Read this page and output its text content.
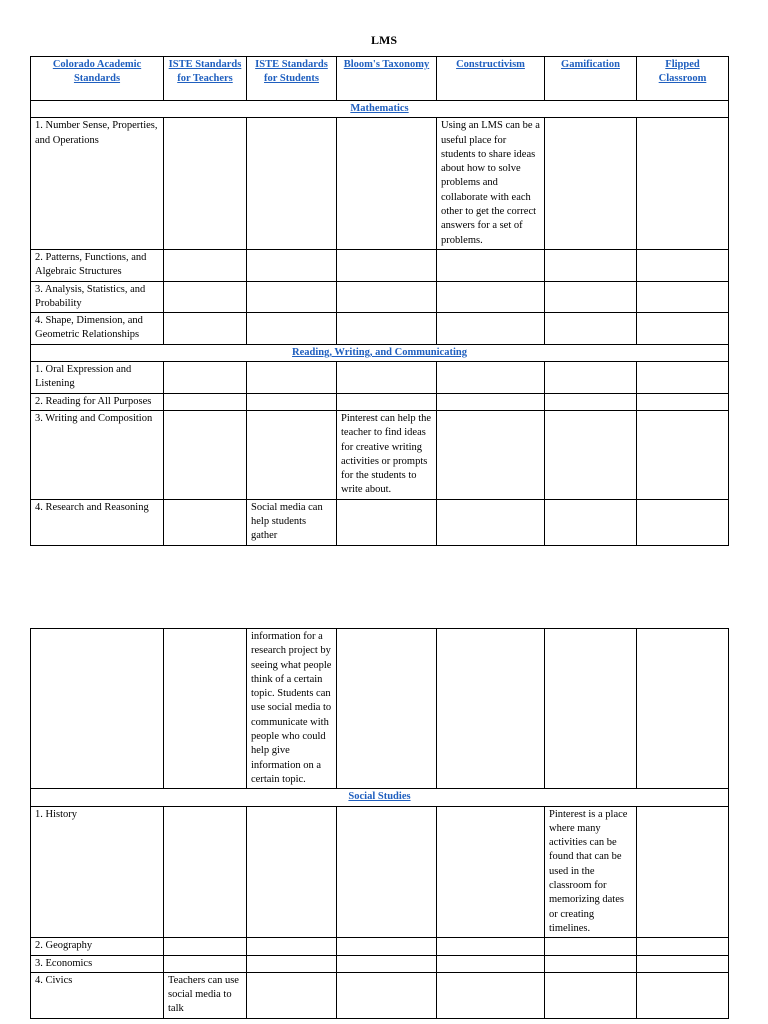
LMS
Colorado Academic Standards	ISTE Standards for Teachers	ISTE Standards for Students	Bloom's Taxonomy	Constructivism	Gamification	Flipped Classroom
Mathematics						
1. Number Sense, Properties, and Operations				Using an LMS can be a useful place for students to share ideas about how to solve problems and collaborate with each other to get the correct answers for a set of problems.		
2. Patterns, Functions, and Algebraic Structures						
3. Analysis, Statistics, and Probability						
4. Shape, Dimension, and Geometric Relationships						
Reading, Writing, and Communicating						
1. Oral Expression and Listening						
2. Reading for All Purposes						
3. Writing and Composition			Pinterest can help the teacher to find ideas for creative writing activities or prompts for the students to write about.			
4. Research and Reasoning		Social media can help students gather				
		information for a research project by seeing what people think of a certain topic. Students can use social media to communicate with people who could help give information on a certain topic.				
Social Studies						
1. History					Pinterest is a place where many activities can be found that can be used in the classroom for memorizing dates or creating timelines.	
2. Geography						
3. Economics						
4. Civics	Teachers can use social media to talk					
